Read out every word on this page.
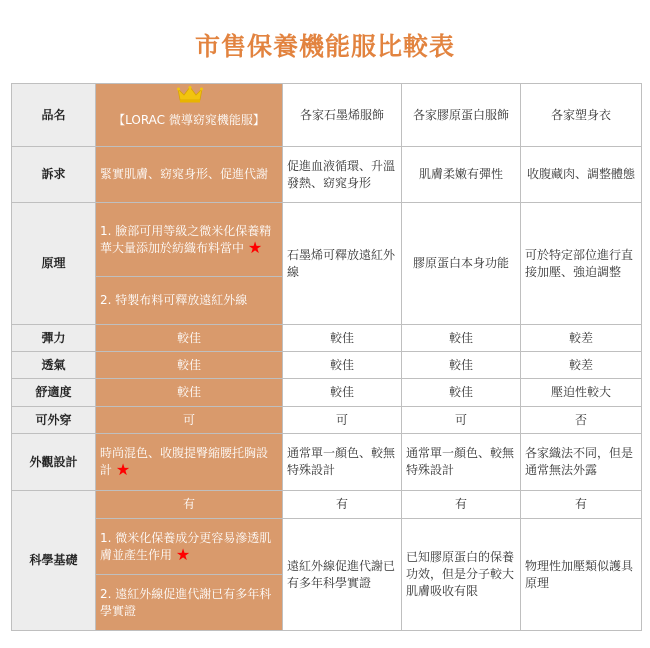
市售保養機能服比較表
品名	【LORAC 微導窈窕機能服】	各家石墨烯服飾	各家膠原蛋白服飾	各家塑身衣
訴求	緊實肌膚、窈窕身形、促進代謝	促進血液循環、升溫發熱、窈窕身形	肌膚柔嫩有彈性	收腹藏肉、調整體態
原理	1. 臉部可用等級之微米化保養精華大量添加於紡織布料當中 ★	石墨烯可釋放遠紅外線	膠原蛋白本身功能	可於特定部位進行直接加壓、強迫調整
	2. 特製布料可釋放遠紅外線			
彈力	較佳	較佳	較佳	較差
透氣	較佳	較佳	較佳	較差
舒適度	較佳	較佳	較佳	壓迫性較大
可外穿	可	可	可	否
外觀設計	時尚混色、收腹提臀縮腰托胸設計 ★	通常單一顏色、較無特殊設計	通常單一顏色、較無特殊設計	各家織法不同，但是通常無法外露
科學基礎	有	有	有	有
	1. 微米化保養成分更容易滲透肌膚並產生作用 ★	遠紅外線促進代謝已有多年科學實證	已知膠原蛋白的保養功效，但是分子較大肌膚吸收有限	物理性加壓類似護具原理
	2. 遠紅外線促進代謝已有多年科學實證			
